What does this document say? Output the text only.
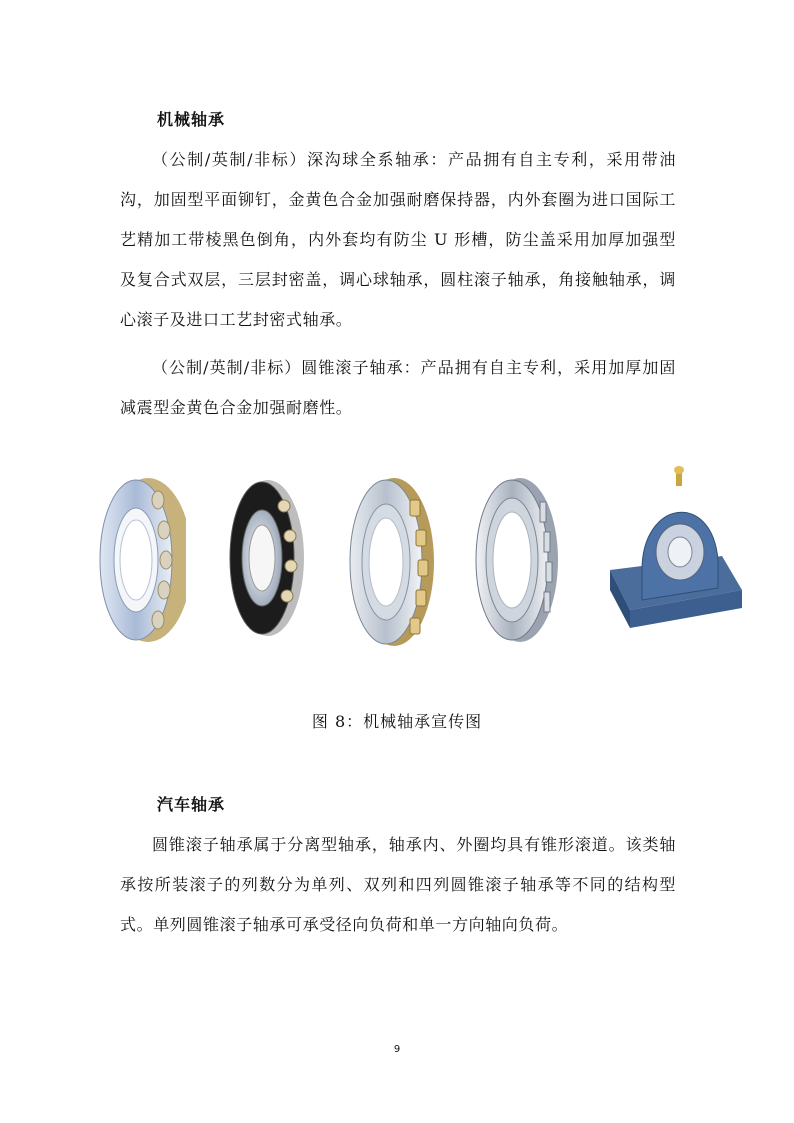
机械轴承

（公制/英制/非标）深沟球全系轴承：产品拥有自主专利，采用带油沟，加固型平面铆钉，金黄色合金加强耐磨保持器，内外套圈为进口国际工艺精加工带棱黑色倒角，内外套均有防尘 U 形槽，防尘盖采用加厚加强型及复合式双层，三层封密盖，调心球轴承，圆柱滚子轴承，角接触轴承，调心滚子及进口工艺封密式轴承。

（公制/英制/非标）圆锥滚子轴承：产品拥有自主专利，采用加厚加固减震型金黄色合金加强耐磨性。

图 8：机械轴承宣传图
汽车轴承

圆锥滚子轴承属于分离型轴承，轴承内、外圈均具有锥形滚道。该类轴承按所装滚子的列数分为单列、双列和四列圆锥滚子轴承等不同的结构型式。单列圆锥滚子轴承可承受径向负荷和单一方向轴向负荷。

9
